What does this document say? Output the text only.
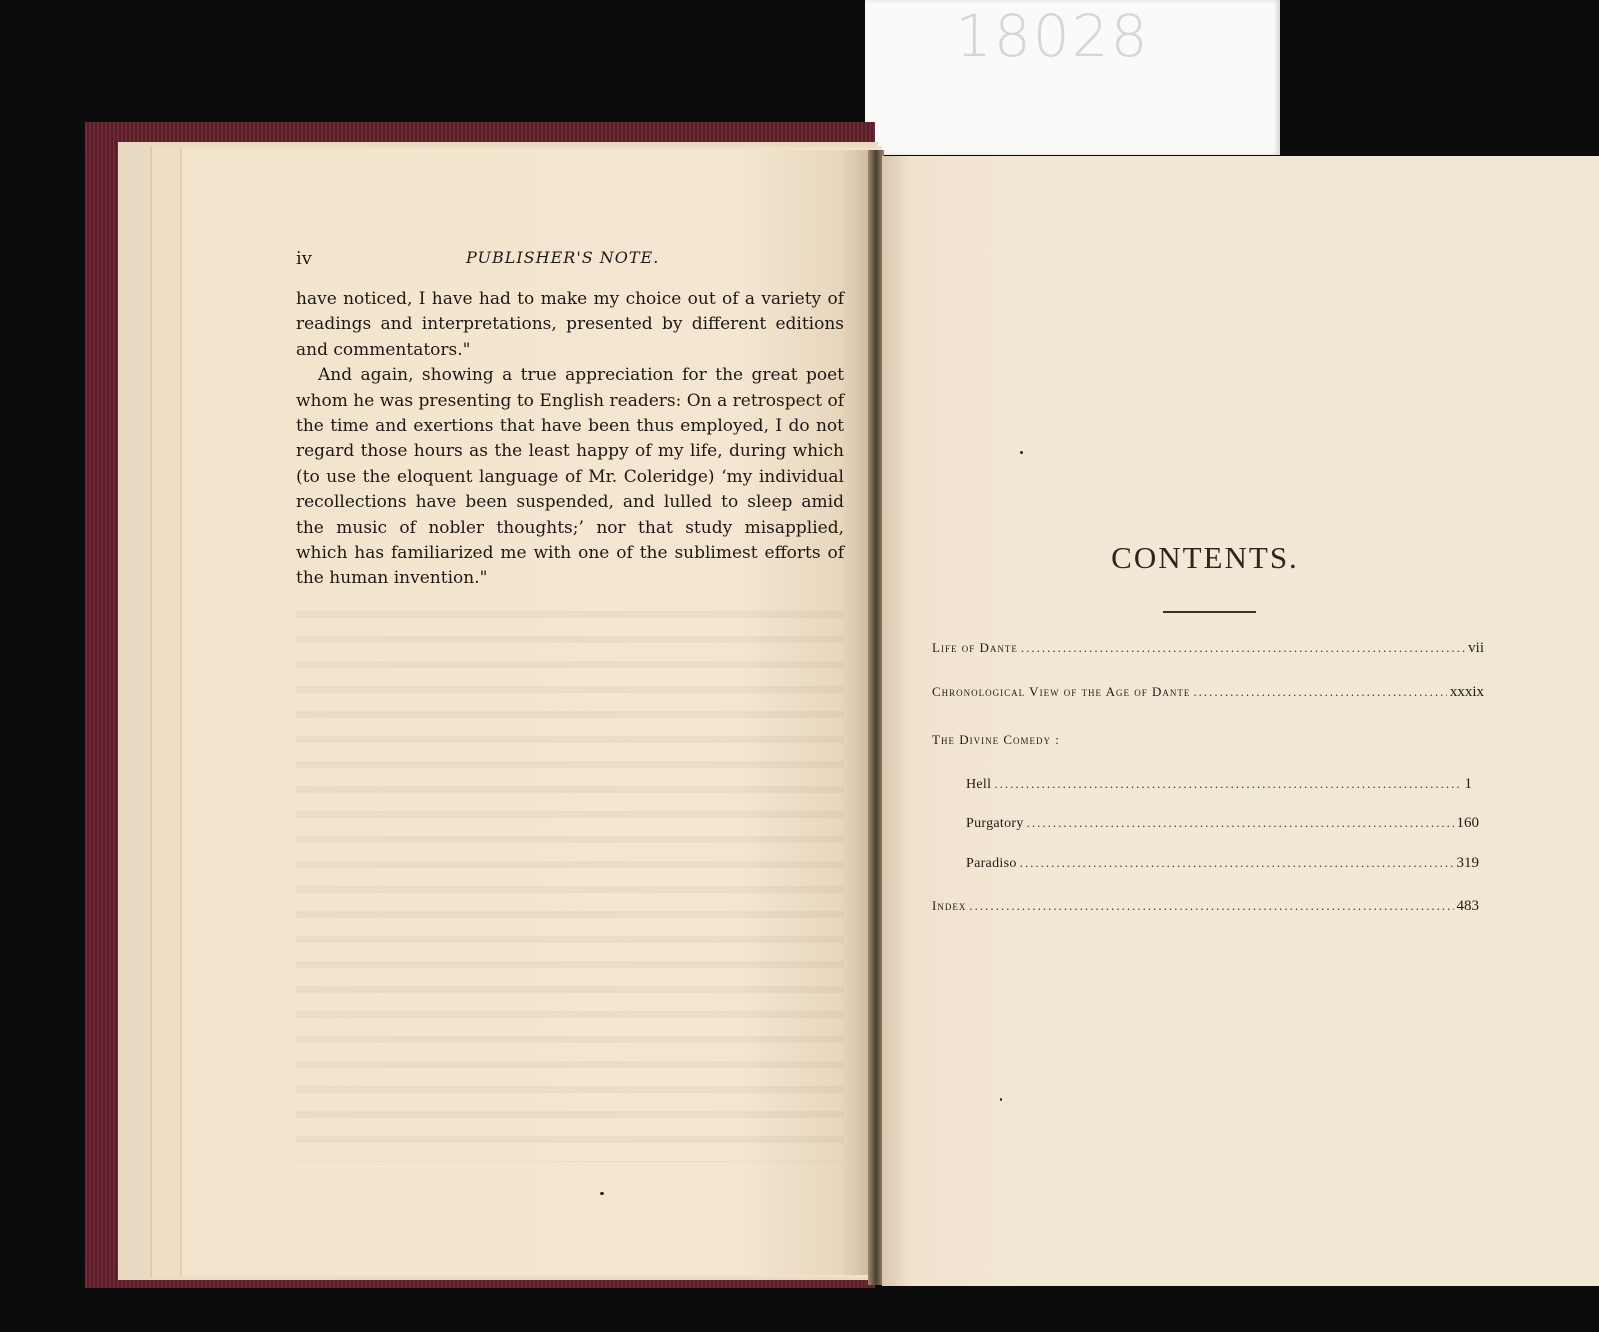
18028
iv	PUBLISHER'S NOTE.

have noticed, I have had to make my choice out of a variety of readings and interpretations, presented by different editions and commentators."

And again, showing a true appreciation for the great poet whom he was presenting to English readers: On a retrospect of the time and exertions that have been thus employed, I do not regard those hours as the least happy of my life, during which (to use the eloquent language of Mr. Coleridge) ‘my individual recollections have been suspended, and lulled to sleep amid the music of nobler thoughts;’ nor that study misapplied, which has familiarized me with one of the sublimest efforts of the human invention."

CONTENTS.
Life of Dante .....	vii
Chronological View of the Age of Dante .....	xxxix
The Divine Comedy :
Hell .....	1
Purgatory .....	160
Paradiso .....	319
Index .....	483
